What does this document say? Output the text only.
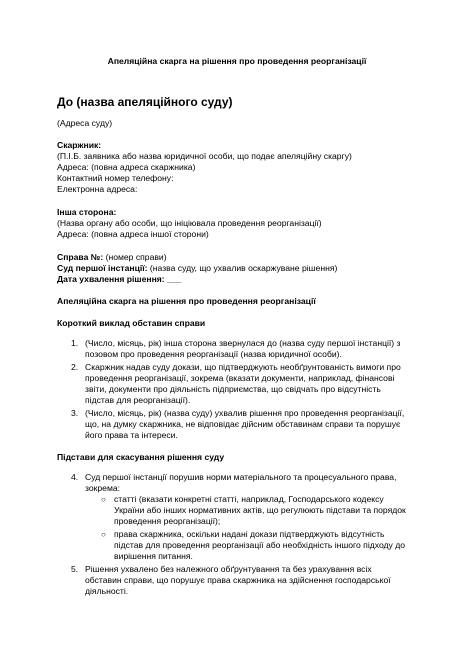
Апеляційна скарга на рішення про проведення реорганізації
До (назва апеляційного суду)
(Адреса суду)
Скаржник:
(П.І.Б. заявника або назва юридичної особи, що подає апеляційну скаргу)
Адреса: (повна адреса скаржника)
Контактний номер телефону:
Електронна адреса:
Інша сторона:
(Назва органу або особи, що ініціювала проведення реорганізації)
Адреса: (повна адреса іншої сторони)
Справа №: (номер справи)
Суд першої інстанції: (назва суду, що ухвалив оскаржуване рішення)
Дата ухвалення рішення: ___
Апеляційна скарга на рішення про проведення реорганізації
Короткий виклад обставин справи
1. (Число, місяць, рік) інша сторона звернулася до (назва суду першої інстанції) з
позовом про проведення реорганізації (назва юридичної особи).
2. Скаржник надав суду докази, що підтверджують необґрунтованість вимоги про
проведення реорганізації, зокрема (вказати документи, наприклад, фінансові
звіти, документи про діяльність підприємства, що свідчать про відсутність
підстав для реорганізації).
3. (Число, місяць, рік) (назва суду) ухвалив рішення про проведення реорганізації,
що, на думку скаржника, не відповідає дійсним обставинам справи та порушує
його права та інтереси.
Підстави для скасування рішення суду
4. Суд першої інстанції порушив норми матеріального та процесуального права,
зокрема:
○ статті (вказати конкретні статті, наприклад, Господарського кодексу
України або інших нормативних актів, що регулюють підстави та порядок
проведення реорганізації);
○ права скаржника, оскільки надані докази підтверджують відсутність
підстав для проведення реорганізації або необхідність іншого підходу до
вирішення питання.
5. Рішення ухвалено без належного обґрунтування та без урахування всіх
обставин справи, що порушує права скаржника на здійснення господарської
діяльності.
